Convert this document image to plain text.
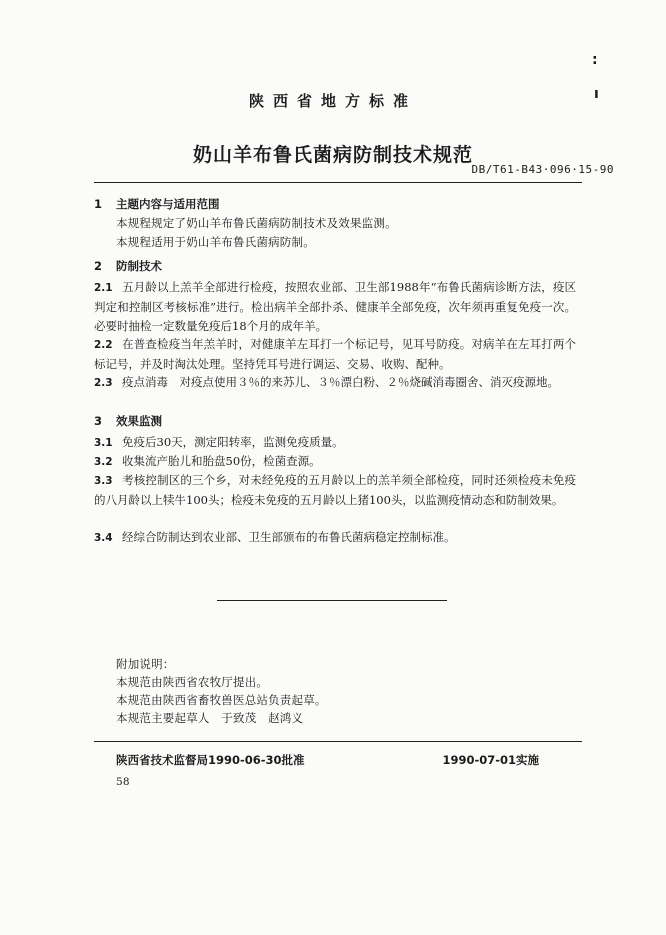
陕西省地方标准
:
ı
奶山羊布鲁氏菌病防制技术规范
DB/T61-B43·096·15-90
1 主题内容与适用范围
本规程规定了奶山羊布鲁氏菌病防制技术及效果监测。
本规程适用于奶山羊布鲁氏菌病防制。
2 防制技术
2.1 五月龄以上羔羊全部进行检疫，按照农业部、卫生部1988年“布鲁氏菌病诊断方法，疫区判定和控制区考核标准”进行。检出病羊全部扑杀、健康羊全部免疫，次年须再重复免疫一次。必要时抽检一定数量免疫后18个月的成年羊。
2.2 在普查检疫当年羔羊时，对健康羊左耳打一个标记号，见耳号防疫。对病羊在左耳打两个标记号，并及时淘汰处理。坚持凭耳号进行调运、交易、收购、配种。
2.3 疫点消毒　对疫点使用３％的来苏儿、３％漂白粉、２％烧碱消毒圈舍、消灭疫源地。
3 效果监测
3.1 免疫后30天，测定阳转率，监测免疫质量。
3.2 收集流产胎儿和胎盘50份，检菌查源。
3.3 考核控制区的三个乡，对未经免疫的五月龄以上的羔羊须全部检疫，同时还须检疫未免疫的八月龄以上犊牛100头；检疫未免疫的五月龄以上猪100头，以监测疫情动态和防制效果。
3.4 经综合防制达到农业部、卫生部颁布的布鲁氏菌病稳定控制标准。
附加说明：
本规范由陕西省农牧厅提出。
本规范由陕西省畜牧兽医总站负责起草。
本规范主要起草人　于致茂　赵鸿义
陕西省技术监督局1990-06-30批准	1990-07-01实施
58
